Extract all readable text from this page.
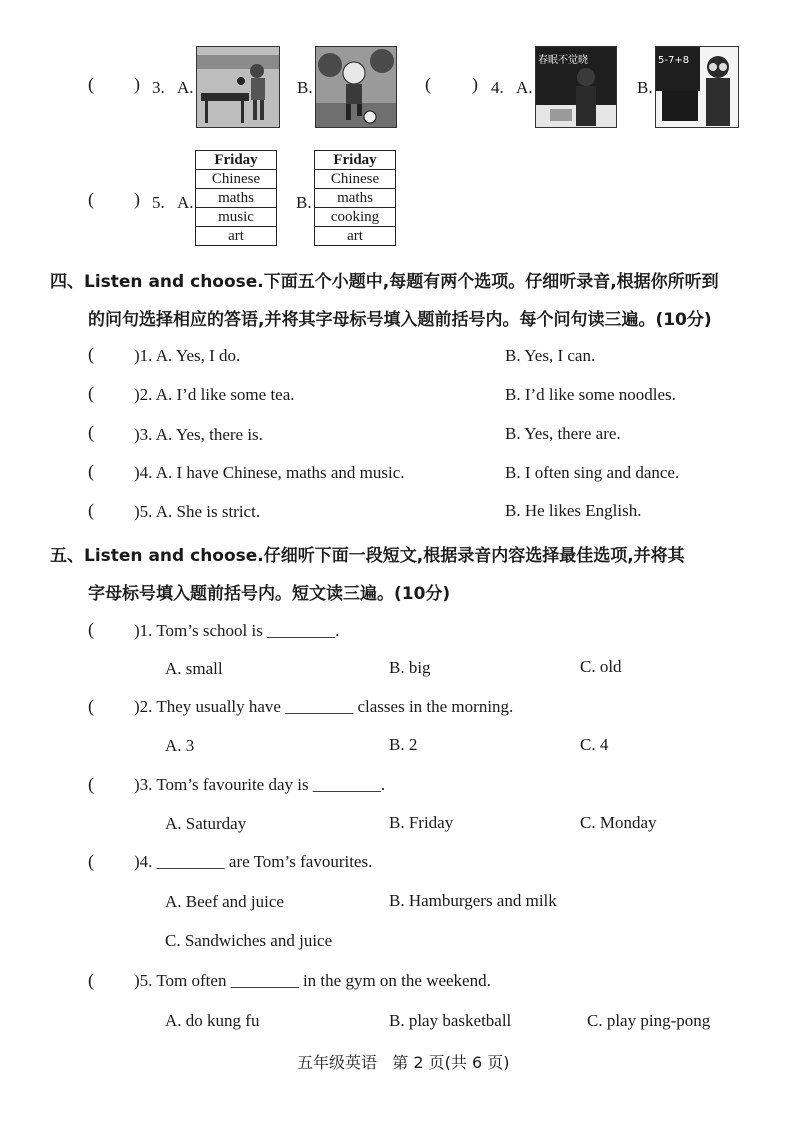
( ) 3. A.	B.	( ) 4. A.
春眠不觉晓
B.
5-7+8
( ) 5. A.
Friday
Chinese
maths
music
art
B.
Friday
Chinese
maths
cooking
art
四、Listen and choose.下面五个小题中,每题有两个选项。仔细听录音,根据你所听到
的问句选择相应的答语,并将其字母标号填入题前括号内。每个问句读三遍。(10分)
( )1. A. Yes, I do.	B. Yes, I can.
( )2. A. I’d like some tea.	B. I’d like some noodles.
( )3. A. Yes, there is.	B. Yes, there are.
( )4. A. I have Chinese, maths and music.	B. I often sing and dance.
( )5. A. She is strict.	B. He likes English.
五、Listen and choose.仔细听下面一段短文,根据录音内容选择最佳选项,并将其
字母标号填入题前括号内。短文读三遍。(10分)
( )1. Tom’s school is ________.
A. small	B. big	C. old
( )2. They usually have ________ classes in the morning.
A. 3	B. 2	C. 4
( )3. Tom’s favourite day is ________.
A. Saturday	B. Friday	C. Monday
( )4. ________ are Tom’s favourites.
A. Beef and juice	B. Hamburgers and milk
C. Sandwiches and juice
( )5. Tom often ________ in the gym on the weekend.
A. do kung fu	B. play basketball	C. play ping-pong
五年级英语   第 2 页(共 6 页)
